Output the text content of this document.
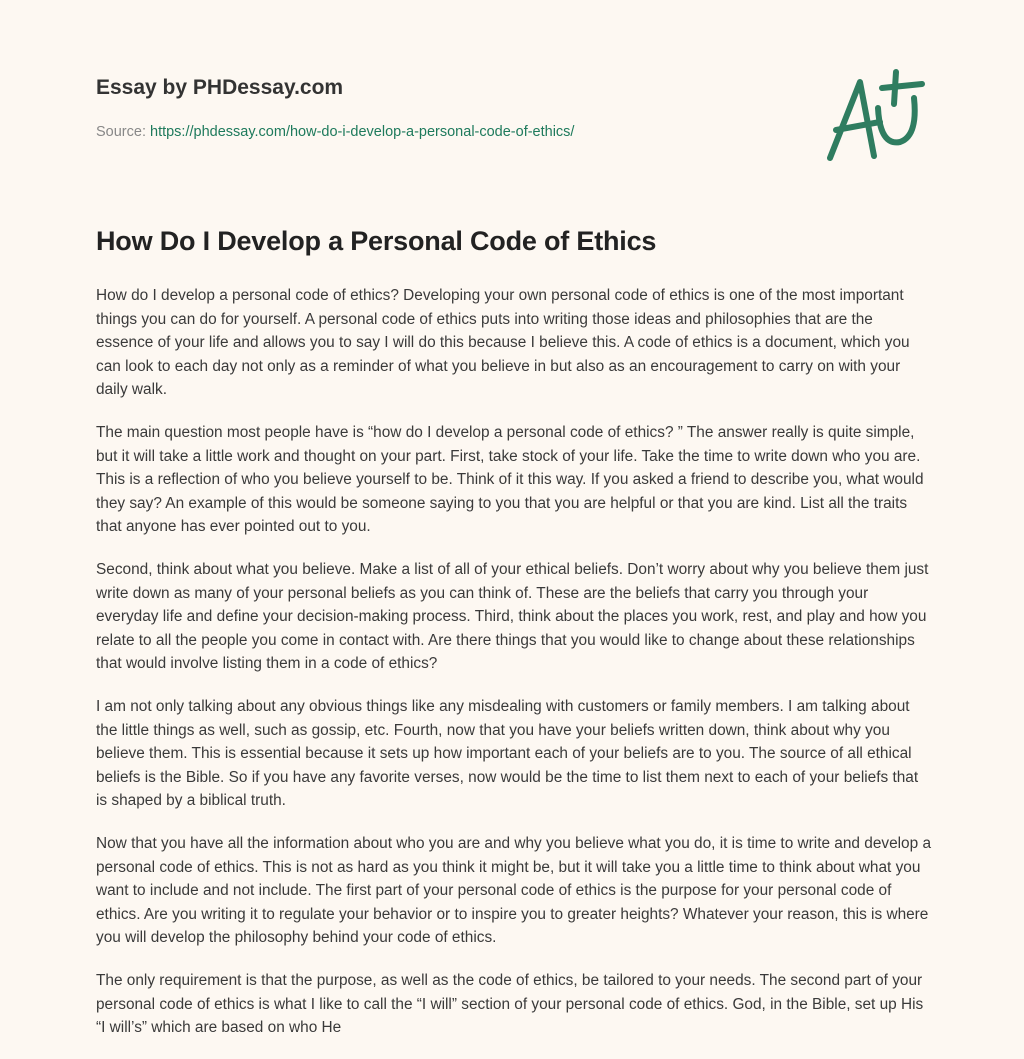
Essay by PHDessay.com

Source: https://phdessay.com/how-do-i-develop-a-personal-code-of-ethics/
How Do I Develop a Personal Code of Ethics

How do I develop a personal code of ethics? Developing your own personal code of ethics is one of the most important things you can do for yourself. A personal code of ethics puts into writing those ideas and philosophies that are the essence of your life and allows you to say I will do this because I believe this. A code of ethics is a document, which you can look to each day not only as a reminder of what you believe in but also as an encouragement to carry on with your daily walk.

The main question most people have is “how do I develop a personal code of ethics? ” The answer really is quite simple, but it will take a little work and thought on your part. First, take stock of your life. Take the time to write down who you are. This is a reflection of who you believe yourself to be. Think of it this way. If you asked a friend to describe you, what would they say? An example of this would be someone saying to you that you are helpful or that you are kind. List all the traits that anyone has ever pointed out to you.

Second, think about what you believe. Make a list of all of your ethical beliefs. Don’t worry about why you believe them just write down as many of your personal beliefs as you can think of. These are the beliefs that carry you through your everyday life and define your decision-making process. Third, think about the places you work, rest, and play and how you relate to all the people you come in contact with. Are there things that you would like to change about these relationships that would involve listing them in a code of ethics?

I am not only talking about any obvious things like any misdealing with customers or family members. I am talking about the little things as well, such as gossip, etc. Fourth, now that you have your beliefs written down, think about why you believe them. This is essential because it sets up how important each of your beliefs are to you. The source of all ethical beliefs is the Bible. So if you have any favorite verses, now would be the time to list them next to each of your beliefs that is shaped by a biblical truth.

Now that you have all the information about who you are and why you believe what you do, it is time to write and develop a personal code of ethics. This is not as hard as you think it might be, but it will take you a little time to think about what you want to include and not include. The first part of your personal code of ethics is the purpose for your personal code of ethics. Are you writing it to regulate your behavior or to inspire you to greater heights? Whatever your reason, this is where you will develop the philosophy behind your code of ethics.

The only requirement is that the purpose, as well as the code of ethics, be tailored to your needs. The second part of your personal code of ethics is what I like to call the “I will” section of your personal code of ethics. God, in the Bible, set up His “I will’s” which are based on who He
